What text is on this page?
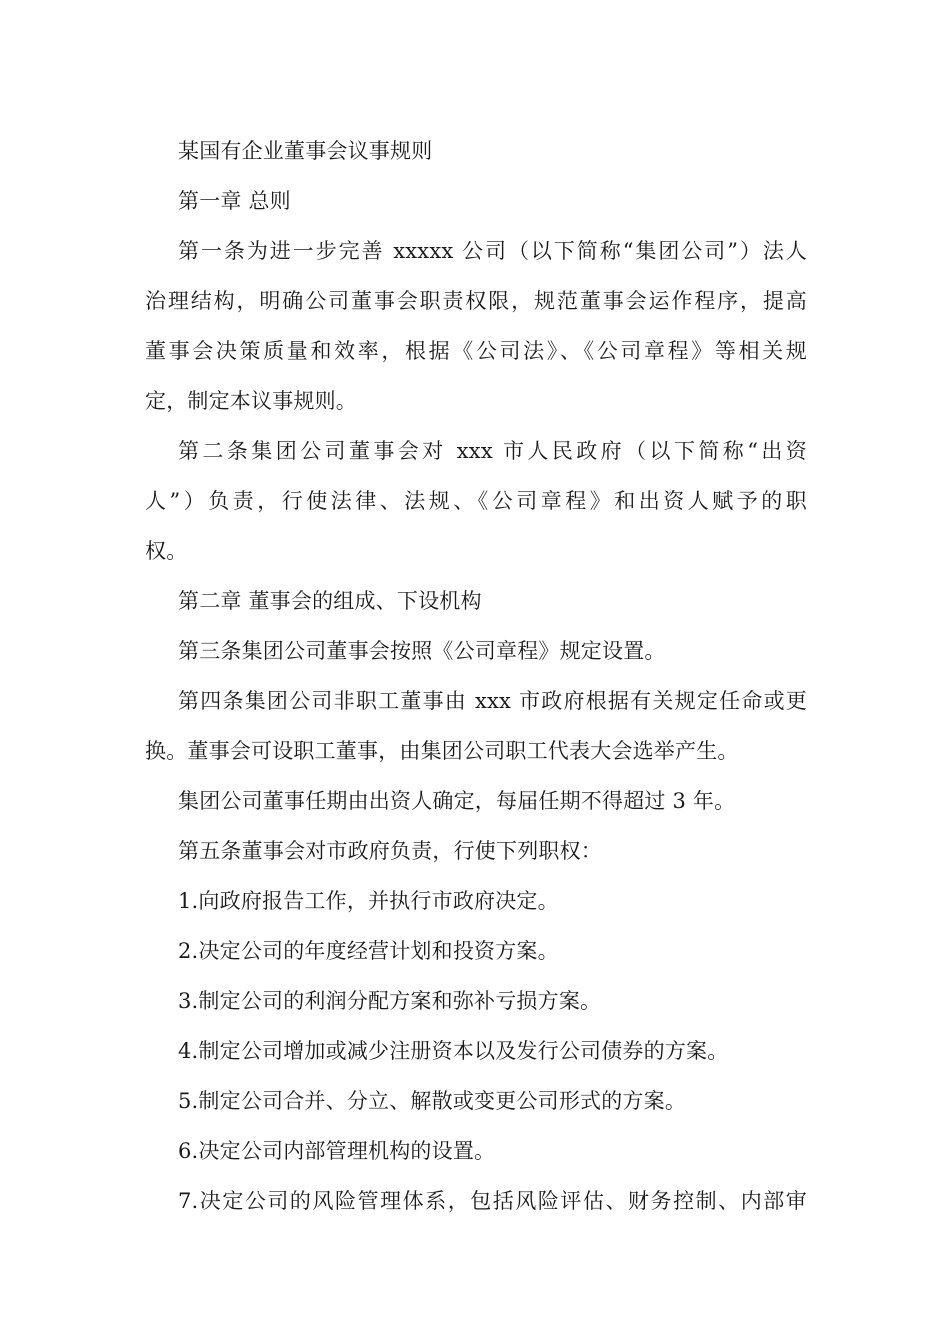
某国有企业董事会议事规则
第一章 总则
第一条为进一步完善 xxxxx 公司（以下简称“集团公司”）法人
治理结构，明确公司董事会职责权限，规范董事会运作程序，提高
董事会决策质量和效率，根据《公司法》、《公司章程》等相关规
定，制定本议事规则。
第二条集团公司董事会对 xxx 市人民政府（以下简称“出资
人”）负责，行使法律、法规、《公司章程》和出资人赋予的职
权。
第二章 董事会的组成、下设机构
第三条集团公司董事会按照《公司章程》规定设置。
第四条集团公司非职工董事由 xxx 市政府根据有关规定任命或更
换。董事会可设职工董事，由集团公司职工代表大会选举产生。
集团公司董事任期由出资人确定，每届任期不得超过 3 年。
第五条董事会对市政府负责，行使下列职权：
1.向政府报告工作，并执行市政府决定。
2.决定公司的年度经营计划和投资方案。
3.制定公司的利润分配方案和弥补亏损方案。
4.制定公司增加或减少注册资本以及发行公司债券的方案。
5.制定公司合并、分立、解散或变更公司形式的方案。
6.决定公司内部管理机构的设置。
7.决定公司的风险管理体系，包括风险评估、财务控制、内部审
